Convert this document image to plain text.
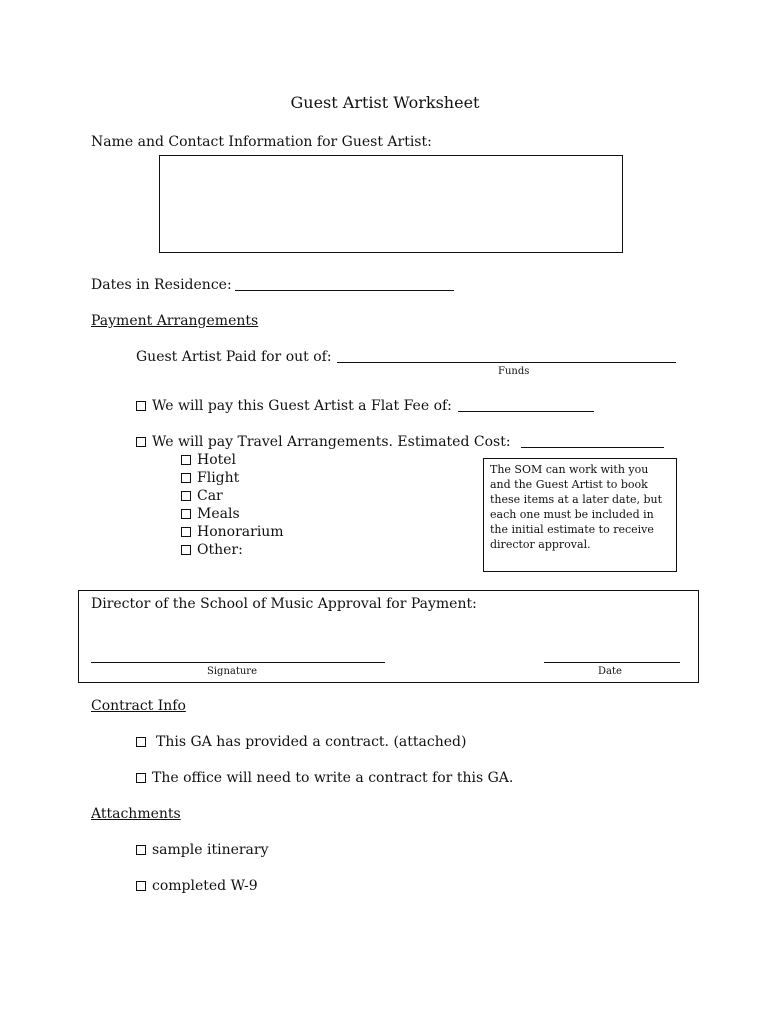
Guest Artist Worksheet
Name and Contact Information for Guest Artist:
Dates in Residence:
Payment Arrangements
Guest Artist Paid for out of:
Funds
We will pay this Guest Artist a Flat Fee of:
We will pay Travel Arrangements. Estimated Cost:
Hotel
Flight
Car
Meals
Honorarium
Other:
The SOM can work with you and the Guest Artist to book these items at a later date, but each one must be included in the initial estimate to receive director approval.
Director of the School of Music Approval for Payment:
Signature	Date
Contract Info
This GA has provided a contract. (attached)
The office will need to write a contract for this GA.
Attachments
sample itinerary
completed W-9
